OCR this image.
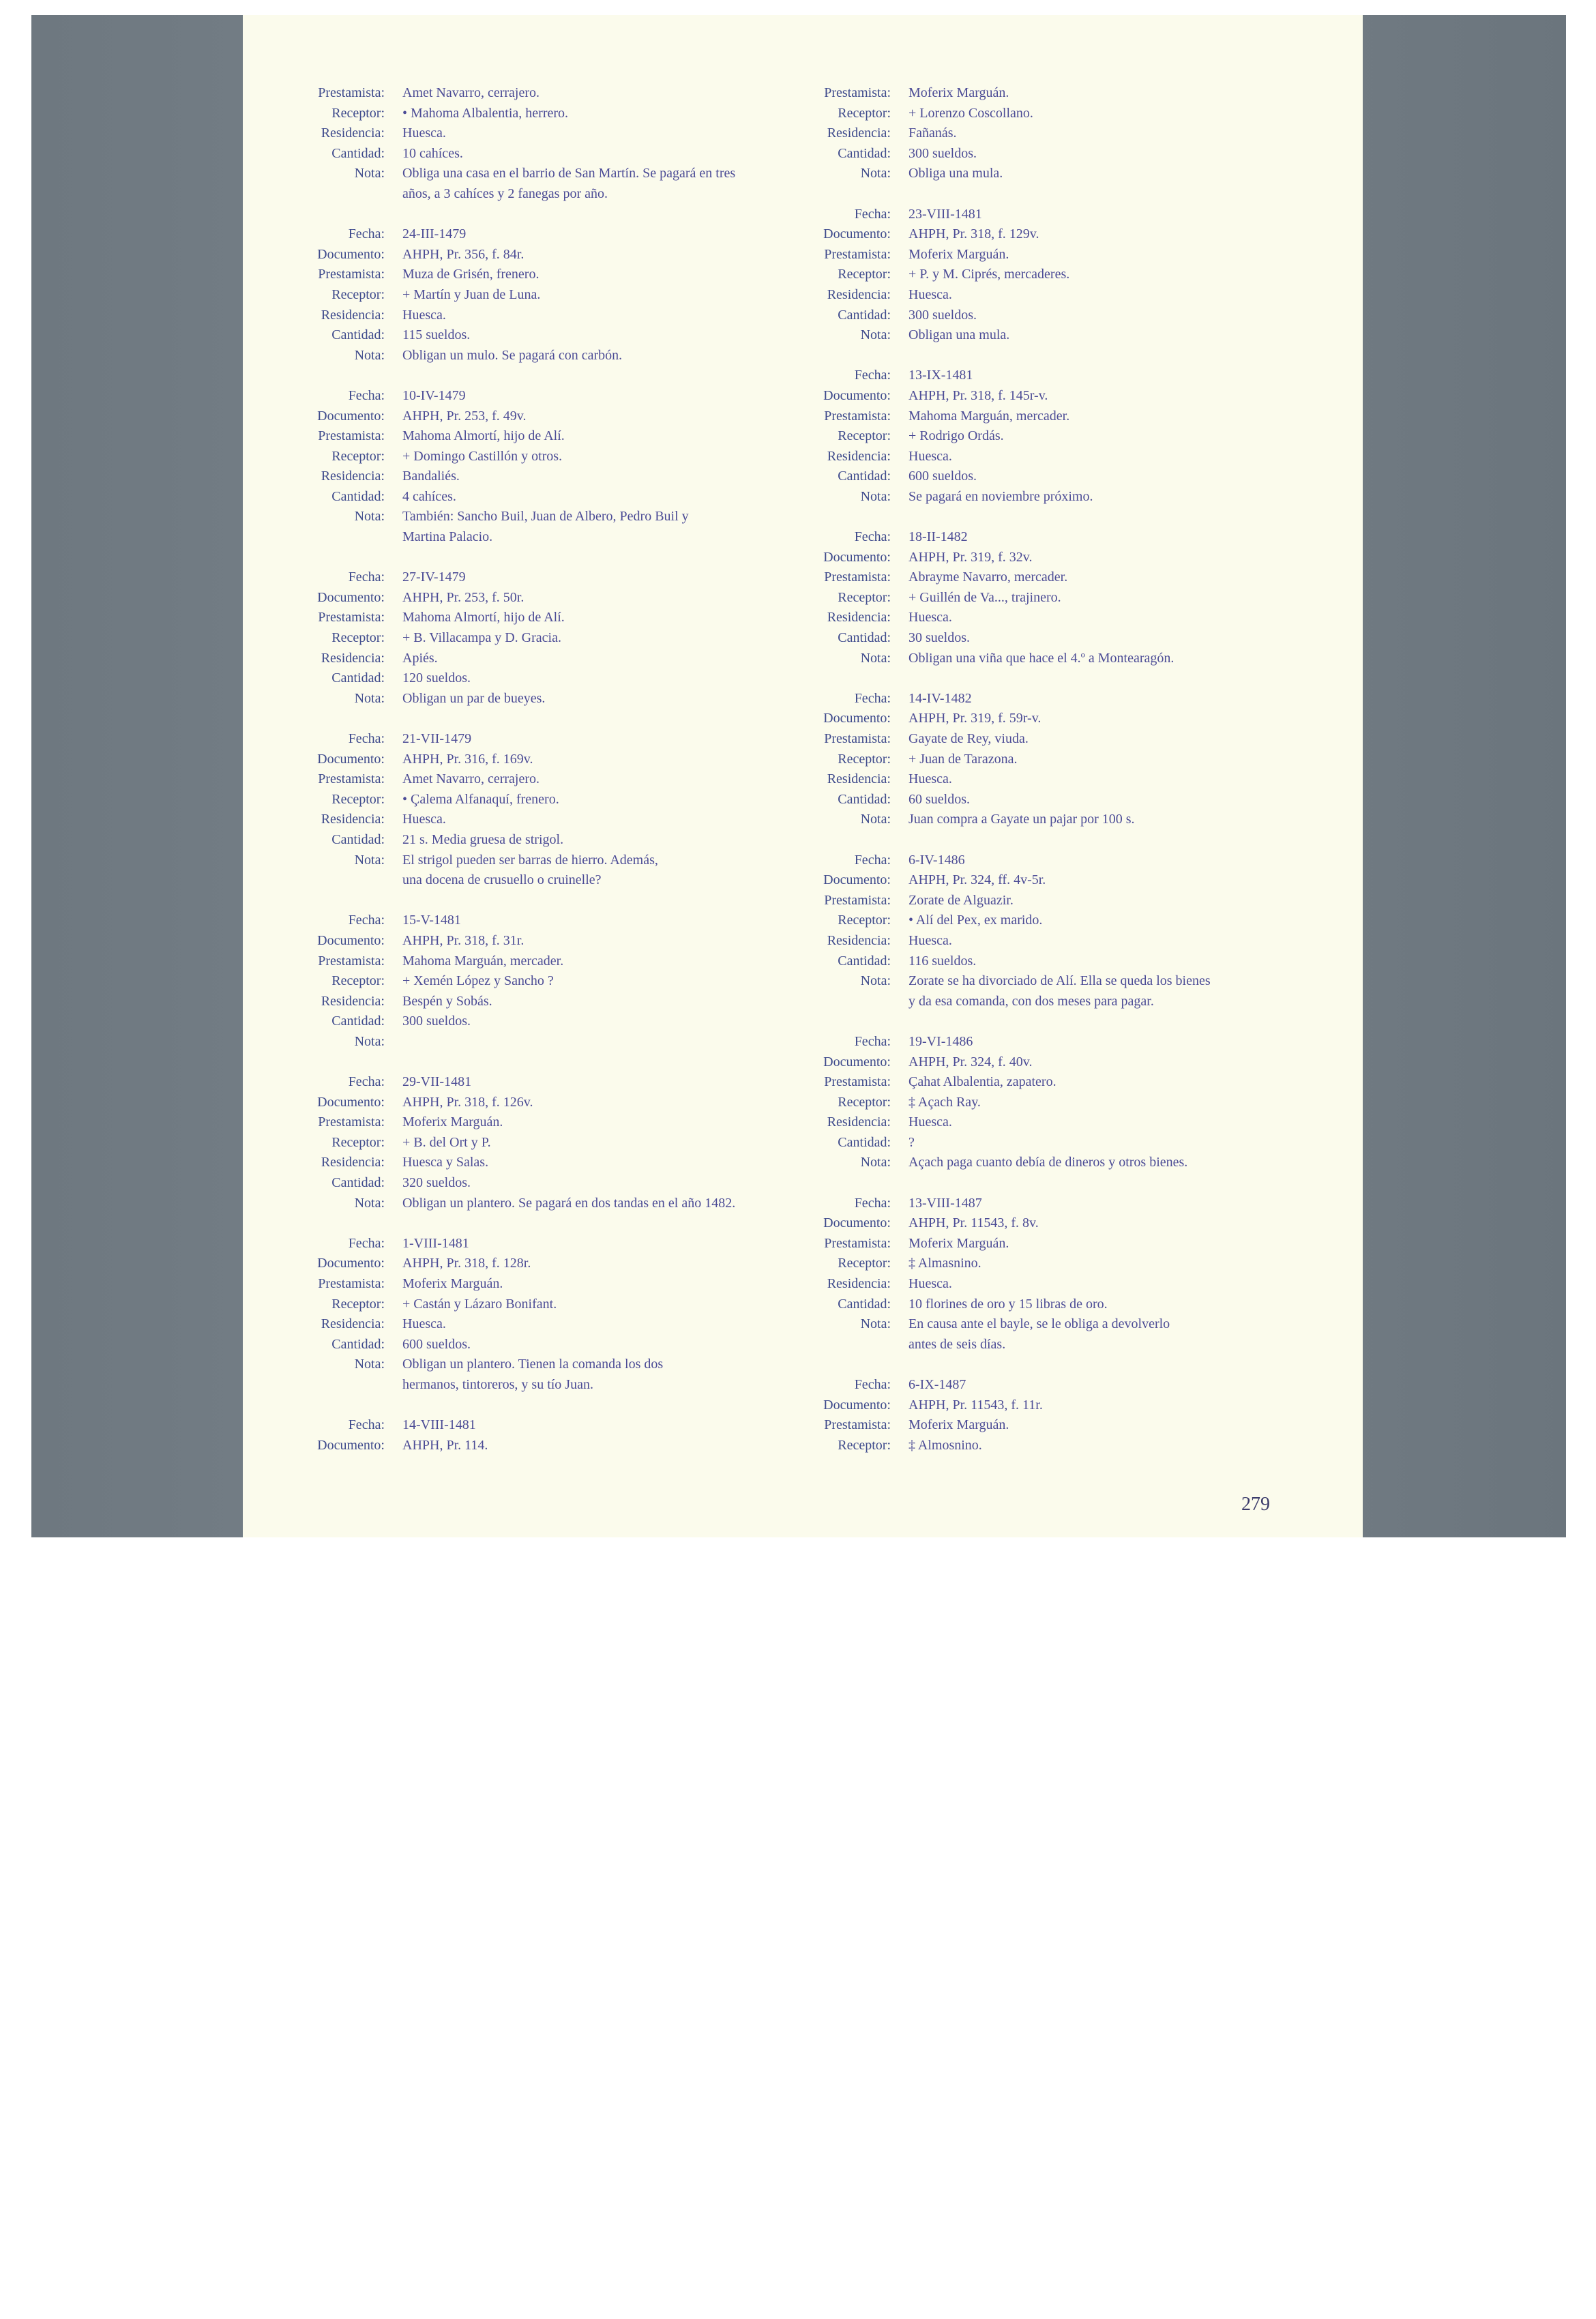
Prestamista: Amet Navarro, cerrajero.
Receptor: • Mahoma Albalentia, herrero.
Residencia: Huesca.
Cantidad: 10 cahíces.
Nota: Obliga una casa en el barrio de San Martín. Se pagará en tres
años, a 3 cahíces y 2 fanegas por año.
Fecha: 24-III-1479
Documento: AHPH, Pr. 356, f. 84r.
Prestamista: Muza de Grisén, frenero.
Receptor: + Martín y Juan de Luna.
Residencia: Huesca.
Cantidad: 115 sueldos.
Nota: Obligan un mulo. Se pagará con carbón.
Fecha: 10-IV-1479
Documento: AHPH, Pr. 253, f. 49v.
Prestamista: Mahoma Almortí, hijo de Alí.
Receptor: + Domingo Castillón y otros.
Residencia: Bandaliés.
Cantidad: 4 cahíces.
Nota: También: Sancho Buil, Juan de Albero, Pedro Buil y
Martina Palacio.
Fecha: 27-IV-1479
Documento: AHPH, Pr. 253, f. 50r.
Prestamista: Mahoma Almortí, hijo de Alí.
Receptor: + B. Villacampa y D. Gracia.
Residencia: Apiés.
Cantidad: 120 sueldos.
Nota: Obligan un par de bueyes.
Fecha: 21-VII-1479
Documento: AHPH, Pr. 316, f. 169v.
Prestamista: Amet Navarro, cerrajero.
Receptor: • Çalema Alfanaquí, frenero.
Residencia: Huesca.
Cantidad: 21 s. Media gruesa de strigol.
Nota: El strigol pueden ser barras de hierro. Además,
una docena de crusuello o cruinelle?
Fecha: 15-V-1481
Documento: AHPH, Pr. 318, f. 31r.
Prestamista: Mahoma Marguán, mercader.
Receptor: + Xemén López y Sancho ?
Residencia: Bespén y Sobás.
Cantidad: 300 sueldos.
Nota:
Fecha: 29-VII-1481
Documento: AHPH, Pr. 318, f. 126v.
Prestamista: Moferix Marguán.
Receptor: + B. del Ort y P.
Residencia: Huesca y Salas.
Cantidad: 320 sueldos.
Nota: Obligan un plantero. Se pagará en dos tandas en el año 1482.
Fecha: 1-VIII-1481
Documento: AHPH, Pr. 318, f. 128r.
Prestamista: Moferix Marguán.
Receptor: + Castán y Lázaro Bonifant.
Residencia: Huesca.
Cantidad: 600 sueldos.
Nota: Obligan un plantero. Tienen la comanda los dos
hermanos, tintoreros, y su tío Juan.
Fecha: 14-VIII-1481
Documento: AHPH, Pr. 114.
Prestamista: Moferix Marguán.
Receptor: + Lorenzo Coscollano.
Residencia: Fañanás.
Cantidad: 300 sueldos.
Nota: Obliga una mula.
Fecha: 23-VIII-1481
Documento: AHPH, Pr. 318, f. 129v.
Prestamista: Moferix Marguán.
Receptor: + P. y M. Ciprés, mercaderes.
Residencia: Huesca.
Cantidad: 300 sueldos.
Nota: Obligan una mula.
Fecha: 13-IX-1481
Documento: AHPH, Pr. 318, f. 145r-v.
Prestamista: Mahoma Marguán, mercader.
Receptor: + Rodrigo Ordás.
Residencia: Huesca.
Cantidad: 600 sueldos.
Nota: Se pagará en noviembre próximo.
Fecha: 18-II-1482
Documento: AHPH, Pr. 319, f. 32v.
Prestamista: Abrayme Navarro, mercader.
Receptor: + Guillén de Va..., trajinero.
Residencia: Huesca.
Cantidad: 30 sueldos.
Nota: Obligan una viña que hace el 4.º a Montearagón.
Fecha: 14-IV-1482
Documento: AHPH, Pr. 319, f. 59r-v.
Prestamista: Gayate de Rey, viuda.
Receptor: + Juan de Tarazona.
Residencia: Huesca.
Cantidad: 60 sueldos.
Nota: Juan compra a Gayate un pajar por 100 s.
Fecha: 6-IV-1486
Documento: AHPH, Pr. 324, ff. 4v-5r.
Prestamista: Zorate de Alguazir.
Receptor: • Alí del Pex, ex marido.
Residencia: Huesca.
Cantidad: 116 sueldos.
Nota: Zorate se ha divorciado de Alí. Ella se queda los bienes
y da esa comanda, con dos meses para pagar.
Fecha: 19-VI-1486
Documento: AHPH, Pr. 324, f. 40v.
Prestamista: Çahat Albalentia, zapatero.
Receptor: ‡ Açach Ray.
Residencia: Huesca.
Cantidad: ?
Nota: Açach paga cuanto debía de dineros y otros bienes.
Fecha: 13-VIII-1487
Documento: AHPH, Pr. 11543, f. 8v.
Prestamista: Moferix Marguán.
Receptor: ‡ Almasnino.
Residencia: Huesca.
Cantidad: 10 florines de oro y 15 libras de oro.
Nota: En causa ante el bayle, se le obliga a devolverlo
antes de seis días.
Fecha: 6-IX-1487
Documento: AHPH, Pr. 11543, f. 11r.
Prestamista: Moferix Marguán.
Receptor: ‡ Almosnino.
279
